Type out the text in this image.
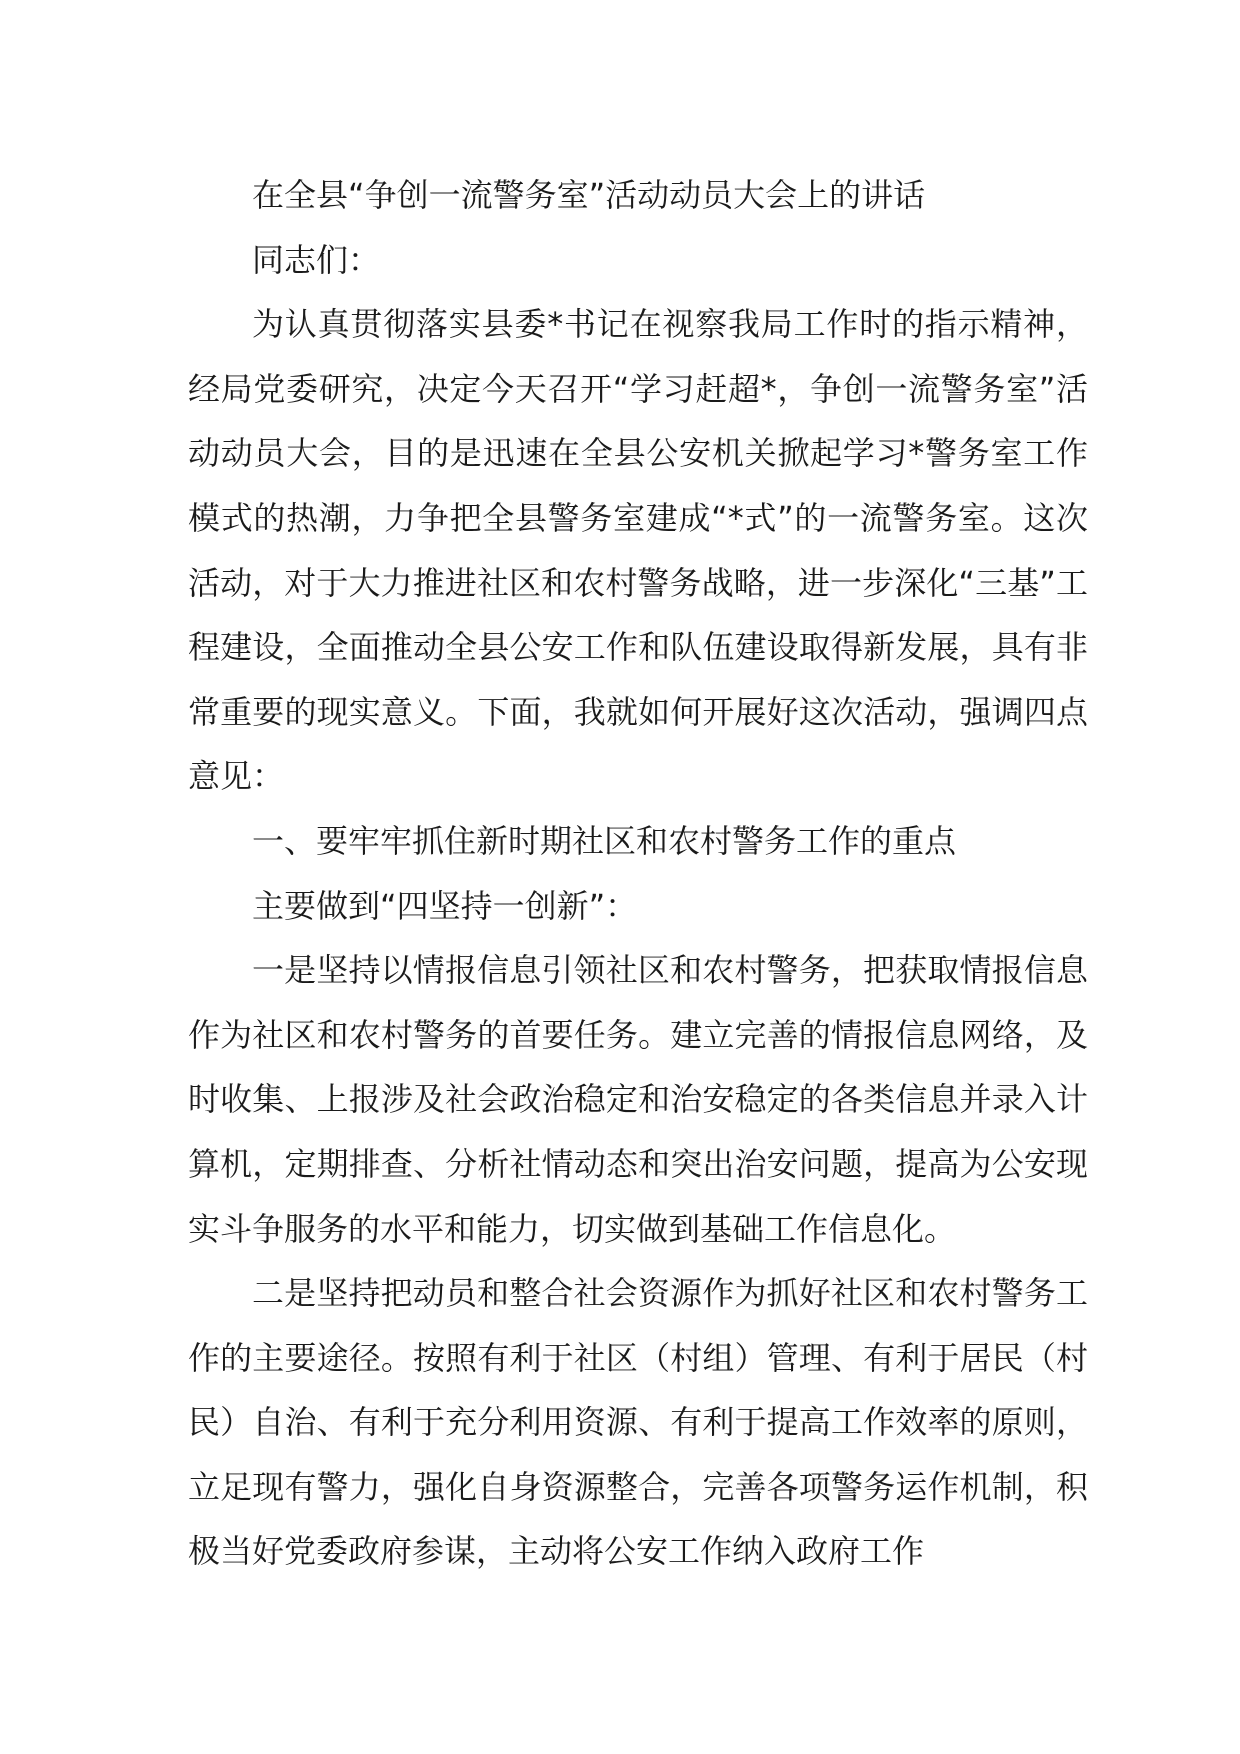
在全县“争创一流警务室”活动动员大会上的讲话

同志们：

为认真贯彻落实县委*书记在视察我局工作时的指示精神，经局党委研究，决定今天召开“学习赶超*，争创一流警务室”活动动员大会，目的是迅速在全县公安机关掀起学习*警务室工作模式的热潮，力争把全县警务室建成“*式”的一流警务室。这次活动，对于大力推进社区和农村警务战略，进一步深化“三基”工程建设，全面推动全县公安工作和队伍建设取得新发展，具有非常重要的现实意义。下面，我就如何开展好这次活动，强调四点意见：

一、要牢牢抓住新时期社区和农村警务工作的重点

主要做到“四坚持一创新”：

一是坚持以情报信息引领社区和农村警务，把获取情报信息作为社区和农村警务的首要任务。建立完善的情报信息网络，及时收集、上报涉及社会政治稳定和治安稳定的各类信息并录入计算机，定期排查、分析社情动态和突出治安问题，提高为公安现实斗争服务的水平和能力，切实做到基础工作信息化。

二是坚持把动员和整合社会资源作为抓好社区和农村警务工作的主要途径。按照有利于社区（村组）管理、有利于居民（村民）自治、有利于充分利用资源、有利于提高工作效率的原则，立足现有警力，强化自身资源整合，完善各项警务运作机制，积极当好党委政府参谋，主动将公安工作纳入政府工作
